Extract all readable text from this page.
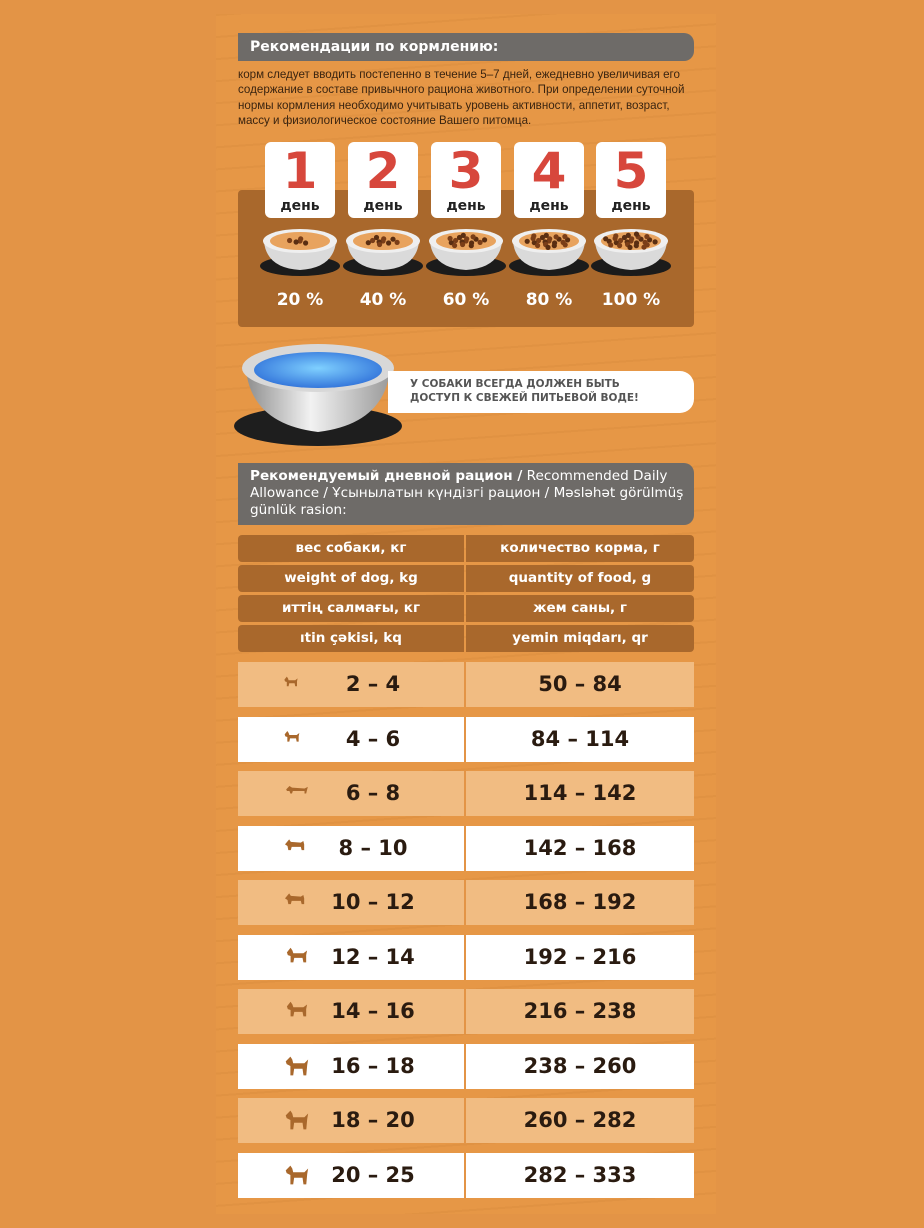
Рекомендации по кормлению:
корм следует вводить постепенно в течение 5–7 дней, ежедневно увеличивая его содержание в составе привычного рациона животного. При определении суточной нормы кормления необходимо учитывать уровень активности, аппетит, возраст, массу и физиологическое состояние Вашего питомца.
1
день
20 %
2
день
40 %
3
день
60 %
4
день
80 %
5
день
100 %
У СОБАКИ ВСЕГДА ДОЛЖЕН БЫТЬ
ДОСТУП К СВЕЖЕЙ ПИТЬЕВОЙ ВОДЕ!
Рекомендуемый дневной рацион / Recommended Daily Allowance / Ұсынылатын күндізгі рацион / Məsləhət görülmüş günlük rasion:
вес собаки, кг	количество корма, г
weight of dog, kg	quantity of food, g
иттің салмағы, кг	жем саны, г
ıtin çəkisi, kq	yemin miqdarı, qr
2 – 4	50 – 84
4 – 6	84 – 114
6 – 8	114 – 142
8 – 10	142 – 168
10 – 12	168 – 192
12 – 14	192 – 216
14 – 16	216 – 238
16 – 18	238 – 260
18 – 20	260 – 282
20 – 25	282 – 333
